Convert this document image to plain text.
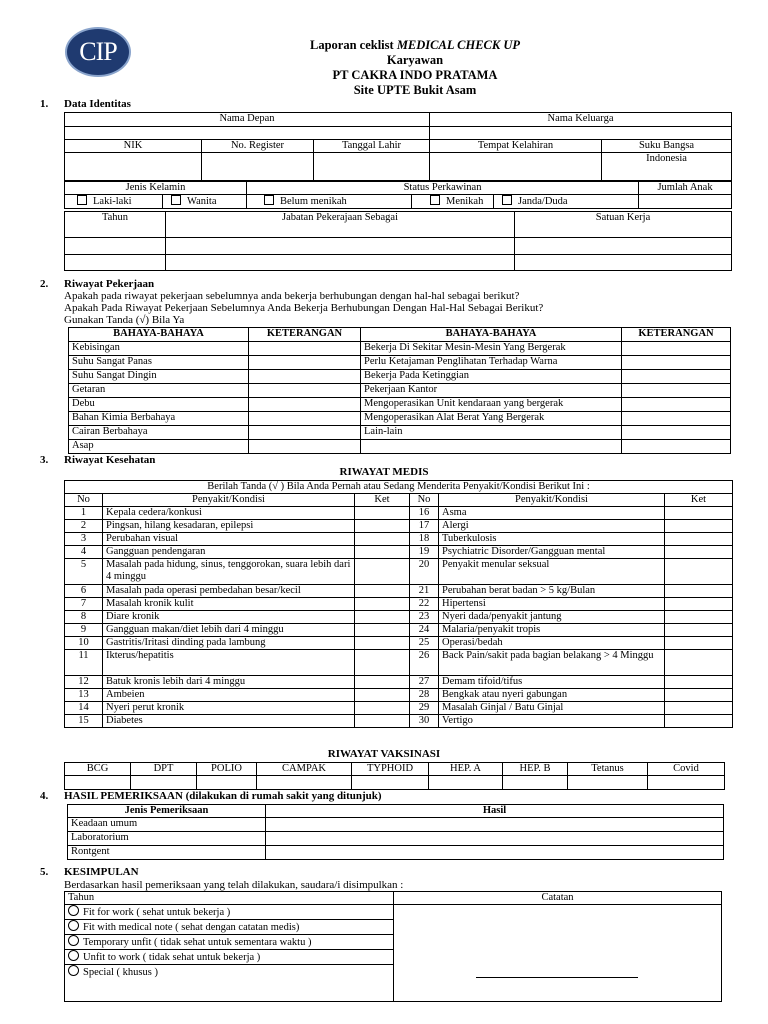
CIP	Laporan ceklist MEDICAL CHECK UP
Karyawan
PT CAKRA INDO PRATAMA
Site UPTE Bukit Asam
1. Data Identitas
Nama Depan			Nama Keluarga	

NIK	No. Register	Tanggal Lahir	Tempat Kelahiran	Suku Bangsa
				Indonesia
Jenis Kelamin		Status Perkawinan			Jumlah Anak
Laki-laki	Wanita	Belum menikah	Menikah	Janda/Duda	
Tahun	Jabatan Pekerajaan Sebagai	Satuan Kerja

2. Riwayat Pekerjaan
Apakah pada riwayat pekerjaan sebelumnya anda bekerja berhubungan dengan hal-hal sebagai berikut?
Apakah Pada Riwayat Pekerjaan Sebelumnya Anda Bekerja Berhubungan Dengan Hal-Hal Sebagai Berikut?
Gunakan Tanda (√) Bila Ya
BAHAYA-BAHAYA	KETERANGAN	BAHAYA-BAHAYA	KETERANGAN
Kebisingan		Bekerja Di Sekitar Mesin-Mesin Yang Bergerak	
Suhu Sangat Panas		Perlu Ketajaman Penglihatan Terhadap Warna	
Suhu Sangat Dingin		Bekerja Pada Ketinggian	
Getaran		Pekerjaan Kantor	
Debu		Mengoperasikan Unit kendaraan yang bergerak	
Bahan Kimia Berbahaya		Mengoperasikan Alat Berat Yang Bergerak	
Cairan Berbahaya		Lain-lain	
Asap			
3. Riwayat Kesehatan
RIWAYAT MEDIS
Berilah Tanda (√ ) Bila Anda Pernah atau Sedang Menderita Penyakit/Kondisi Berikut Ini :					
No	Penyakit/Kondisi	Ket	No	Penyakit/Kondisi	Ket
1	Kepala cedera/konkusi		16	Asma	
2	Pingsan, hilang kesadaran, epilepsi		17	Alergi	
3	Perubahan visual		18	Tuberkulosis	
4	Gangguan pendengaran		19	Psychiatric Disorder/Gangguan mental	
5	Masalah pada hidung, sinus, tenggorokan, suara lebih dari 4 minggu		20	Penyakit menular seksual	
6	Masalah pada operasi pembedahan besar/kecil		21	Perubahan berat badan > 5 kg/Bulan	
7	Masalah kronik kulit		22	Hipertensi	
8	Diare kronik		23	Nyeri dada/penyakit jantung	
9	Gangguan makan/diet lebih dari 4 minggu		24	Malaria/penyakit tropis	
10	Gastritis/Iritasi dinding pada lambung		25	Operasi/bedah	
11	Ikterus/hepatitis		26	Back Pain/sakit pada bagian belakang > 4 Minggu	
12	Batuk kronis lebih dari 4 minggu		27	Demam tifoid/tifus	
13	Ambeien		28	Bengkak atau nyeri gabungan	
14	Nyeri perut kronik		29	Masalah Ginjal / Batu Ginjal	
15	Diabetes		30	Vertigo	
RIWAYAT VAKSINASI
BCG	DPT	POLIO	CAMPAK	TYPHOID	HEP. A	HEP. B	Tetanus	Covid

4. HASIL PEMERIKSAAN (dilakukan di rumah sakit yang ditunjuk)
Jenis Pemeriksaan	Hasil
Keadaan umum	
Laboratorium	
Rontgent	
5. KESIMPULAN
Berdasarkan hasil pemeriksaan yang telah dilakukan, saudara/i disimpulkan :
Tahun	Catatan
Fit for work ( sehat untuk bekerja )	
Fit with medical note ( sehat dengan catatan medis)	
Temporary unfit ( tidak sehat untuk sementara waktu )	
Unfit to work ( tidak sehat untuk bekerja )	
Special ( khusus )	
